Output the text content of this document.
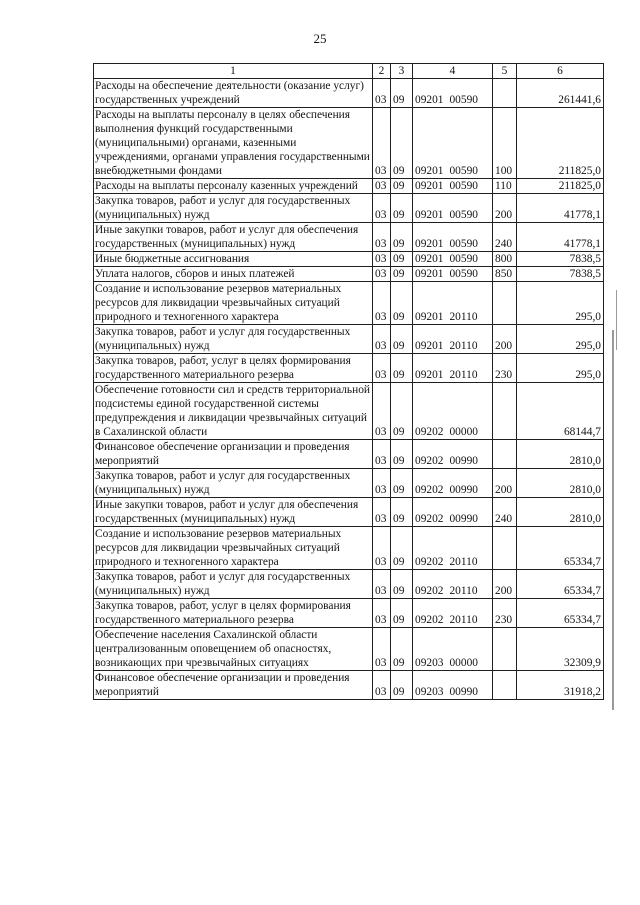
25
1	2	3	4	5	6
Расходы на обеспечение деятельности (оказание услуг) государственных учреждений	03	09	09201 00590		261441,6
Расходы на выплаты персоналу в целях обеспечения выполнения функций государственными (муниципальными) органами, казенными учреждениями, органами управления государственными внебюджетными фондами	03	09	09201 00590	100	211825,0
Расходы на выплаты персоналу казенных учреждений	03	09	09201 00590	110	211825,0
Закупка товаров, работ и услуг для государственных (муниципальных) нужд	03	09	09201 00590	200	41778,1
Иные закупки товаров, работ и услуг для обеспечения государственных (муниципальных) нужд	03	09	09201 00590	240	41778,1
Иные бюджетные ассигнования	03	09	09201 00590	800	7838,5
Уплата налогов, сборов и иных платежей	03	09	09201 00590	850	7838,5
Создание и использование резервов материальных ресурсов для ликвидации чрезвычайных ситуаций природного и техногенного характера	03	09	09201 20110		295,0
Закупка товаров, работ и услуг для государственных (муниципальных) нужд	03	09	09201 20110	200	295,0
Закупка товаров, работ, услуг в целях формирования государственного материального резерва	03	09	09201 20110	230	295,0
Обеспечение готовности сил и средств территориальной подсистемы единой государственной системы предупреждения и ликвидации чрезвычайных ситуаций в Сахалинской области	03	09	09202 00000		68144,7
Финансовое обеспечение организации и проведения мероприятий	03	09	09202 00990		2810,0
Закупка товаров, работ и услуг для государственных (муниципальных) нужд	03	09	09202 00990	200	2810,0
Иные закупки товаров, работ и услуг для обеспечения государственных (муниципальных) нужд	03	09	09202 00990	240	2810,0
Создание и использование резервов материальных ресурсов для ликвидации чрезвычайных ситуаций природного и техногенного характера	03	09	09202 20110		65334,7
Закупка товаров, работ и услуг для государственных (муниципальных) нужд	03	09	09202 20110	200	65334,7
Закупка товаров, работ, услуг в целях формирования государственного материального резерва	03	09	09202 20110	230	65334,7
Обеспечение населения Сахалинской области централизованным оповещением об опасностях, возникающих при чрезвычайных ситуациях	03	09	09203 00000		32309,9
Финансовое обеспечение организации и проведения мероприятий	03	09	09203 00990		31918,2
